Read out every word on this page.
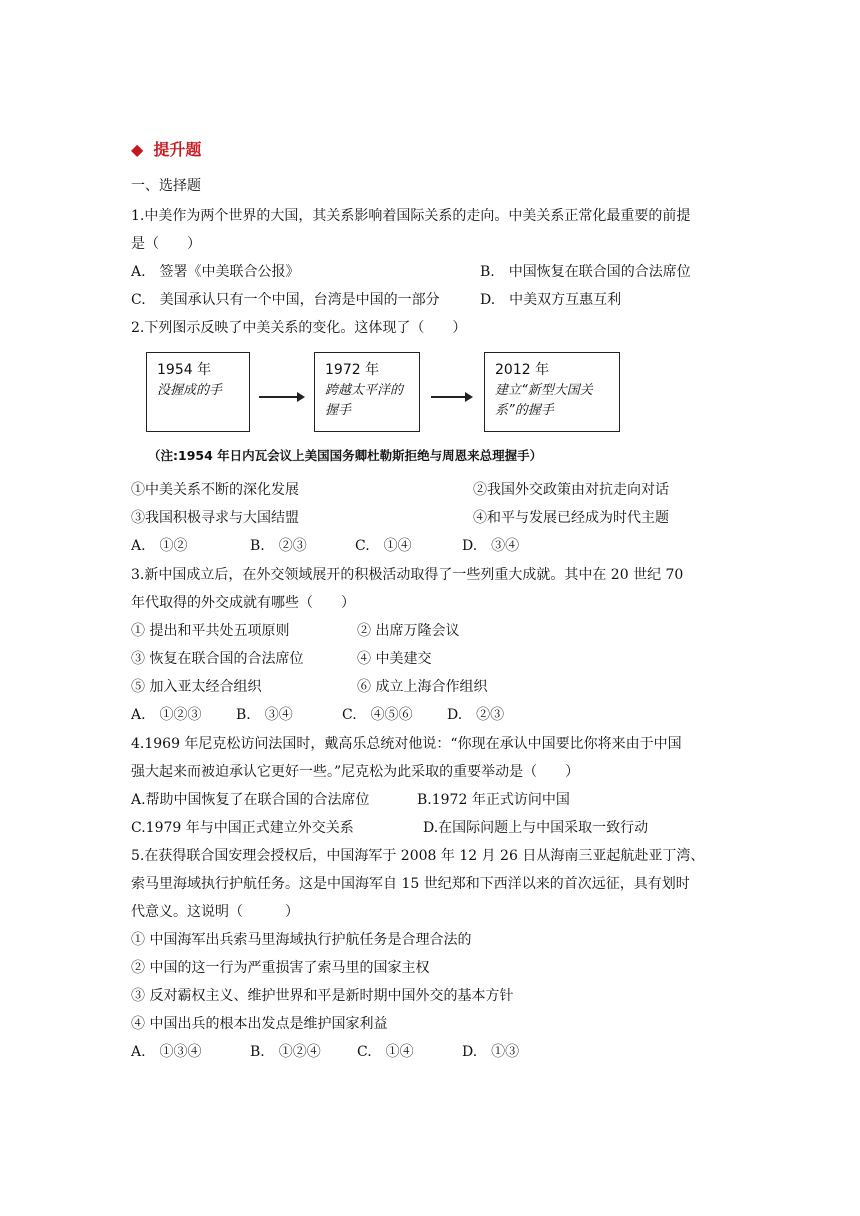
◆ 提升题
一、选择题
1.中美作为两个世界的大国，其关系影响着国际关系的走向。中美关系正常化最重要的前提
是（　　）
A.　签署《中美联合公报》	B.　中国恢复在联合国的合法席位
C.　美国承认只有一个中国，台湾是中国的一部分	D.　中美双方互惠互利
2.下列图示反映了中美关系的变化。这体现了（　　）
1954 年
没握成的手
1972 年
跨越太平洋的握手
2012 年
建立“新型大国关系”的握手
（注:1954 年日内瓦会议上美国国务卿杜勒斯拒绝与周恩来总理握手）
①中美关系不断的深化发展	②我国外交政策由对抗走向对话
③我国积极寻求与大国结盟	④和平与发展已经成为时代主题
A.　①②	B.　②③	C.　①④	D.　③④
3.新中国成立后，在外交领域展开的积极活动取得了一些列重大成就。其中在 20 世纪 70
年代取得的外交成就有哪些（　　）
① 提出和平共处五项原则	② 出席万隆会议
③ 恢复在联合国的合法席位	④ 中美建交
⑤ 加入亚太经合组织	⑥ 成立上海合作组织
A.　①②③ B.　③④	C.　④⑤⑥ D.　②③
4.1969 年尼克松访问法国时，戴高乐总统对他说：“你现在承认中国要比你将来由于中国
强大起来而被迫承认它更好一些。”尼克松为此采取的重要举动是（　　）
A.帮助中国恢复了在联合国的合法席位	B.1972 年正式访问中国
C.1979 年与中国正式建立外交关系	D.在国际问题上与中国采取一致行动
5.在获得联合国安理会授权后，中国海军于 2008 年 12 月 26 日从海南三亚起航赴亚丁湾、
索马里海域执行护航任务。这是中国海军自 15 世纪郑和下西洋以来的首次远征，具有划时
代意义。这说明（　　　）
① 中国海军出兵索马里海域执行护航任务是合理合法的
② 中国的这一行为严重损害了索马里的国家主权
③ 反对霸权主义、维护世界和平是新时期中国外交的基本方针
④ 中国出兵的根本出发点是维护国家利益
A.　①③④	B.　①②④	C.　①④	D.　①③
